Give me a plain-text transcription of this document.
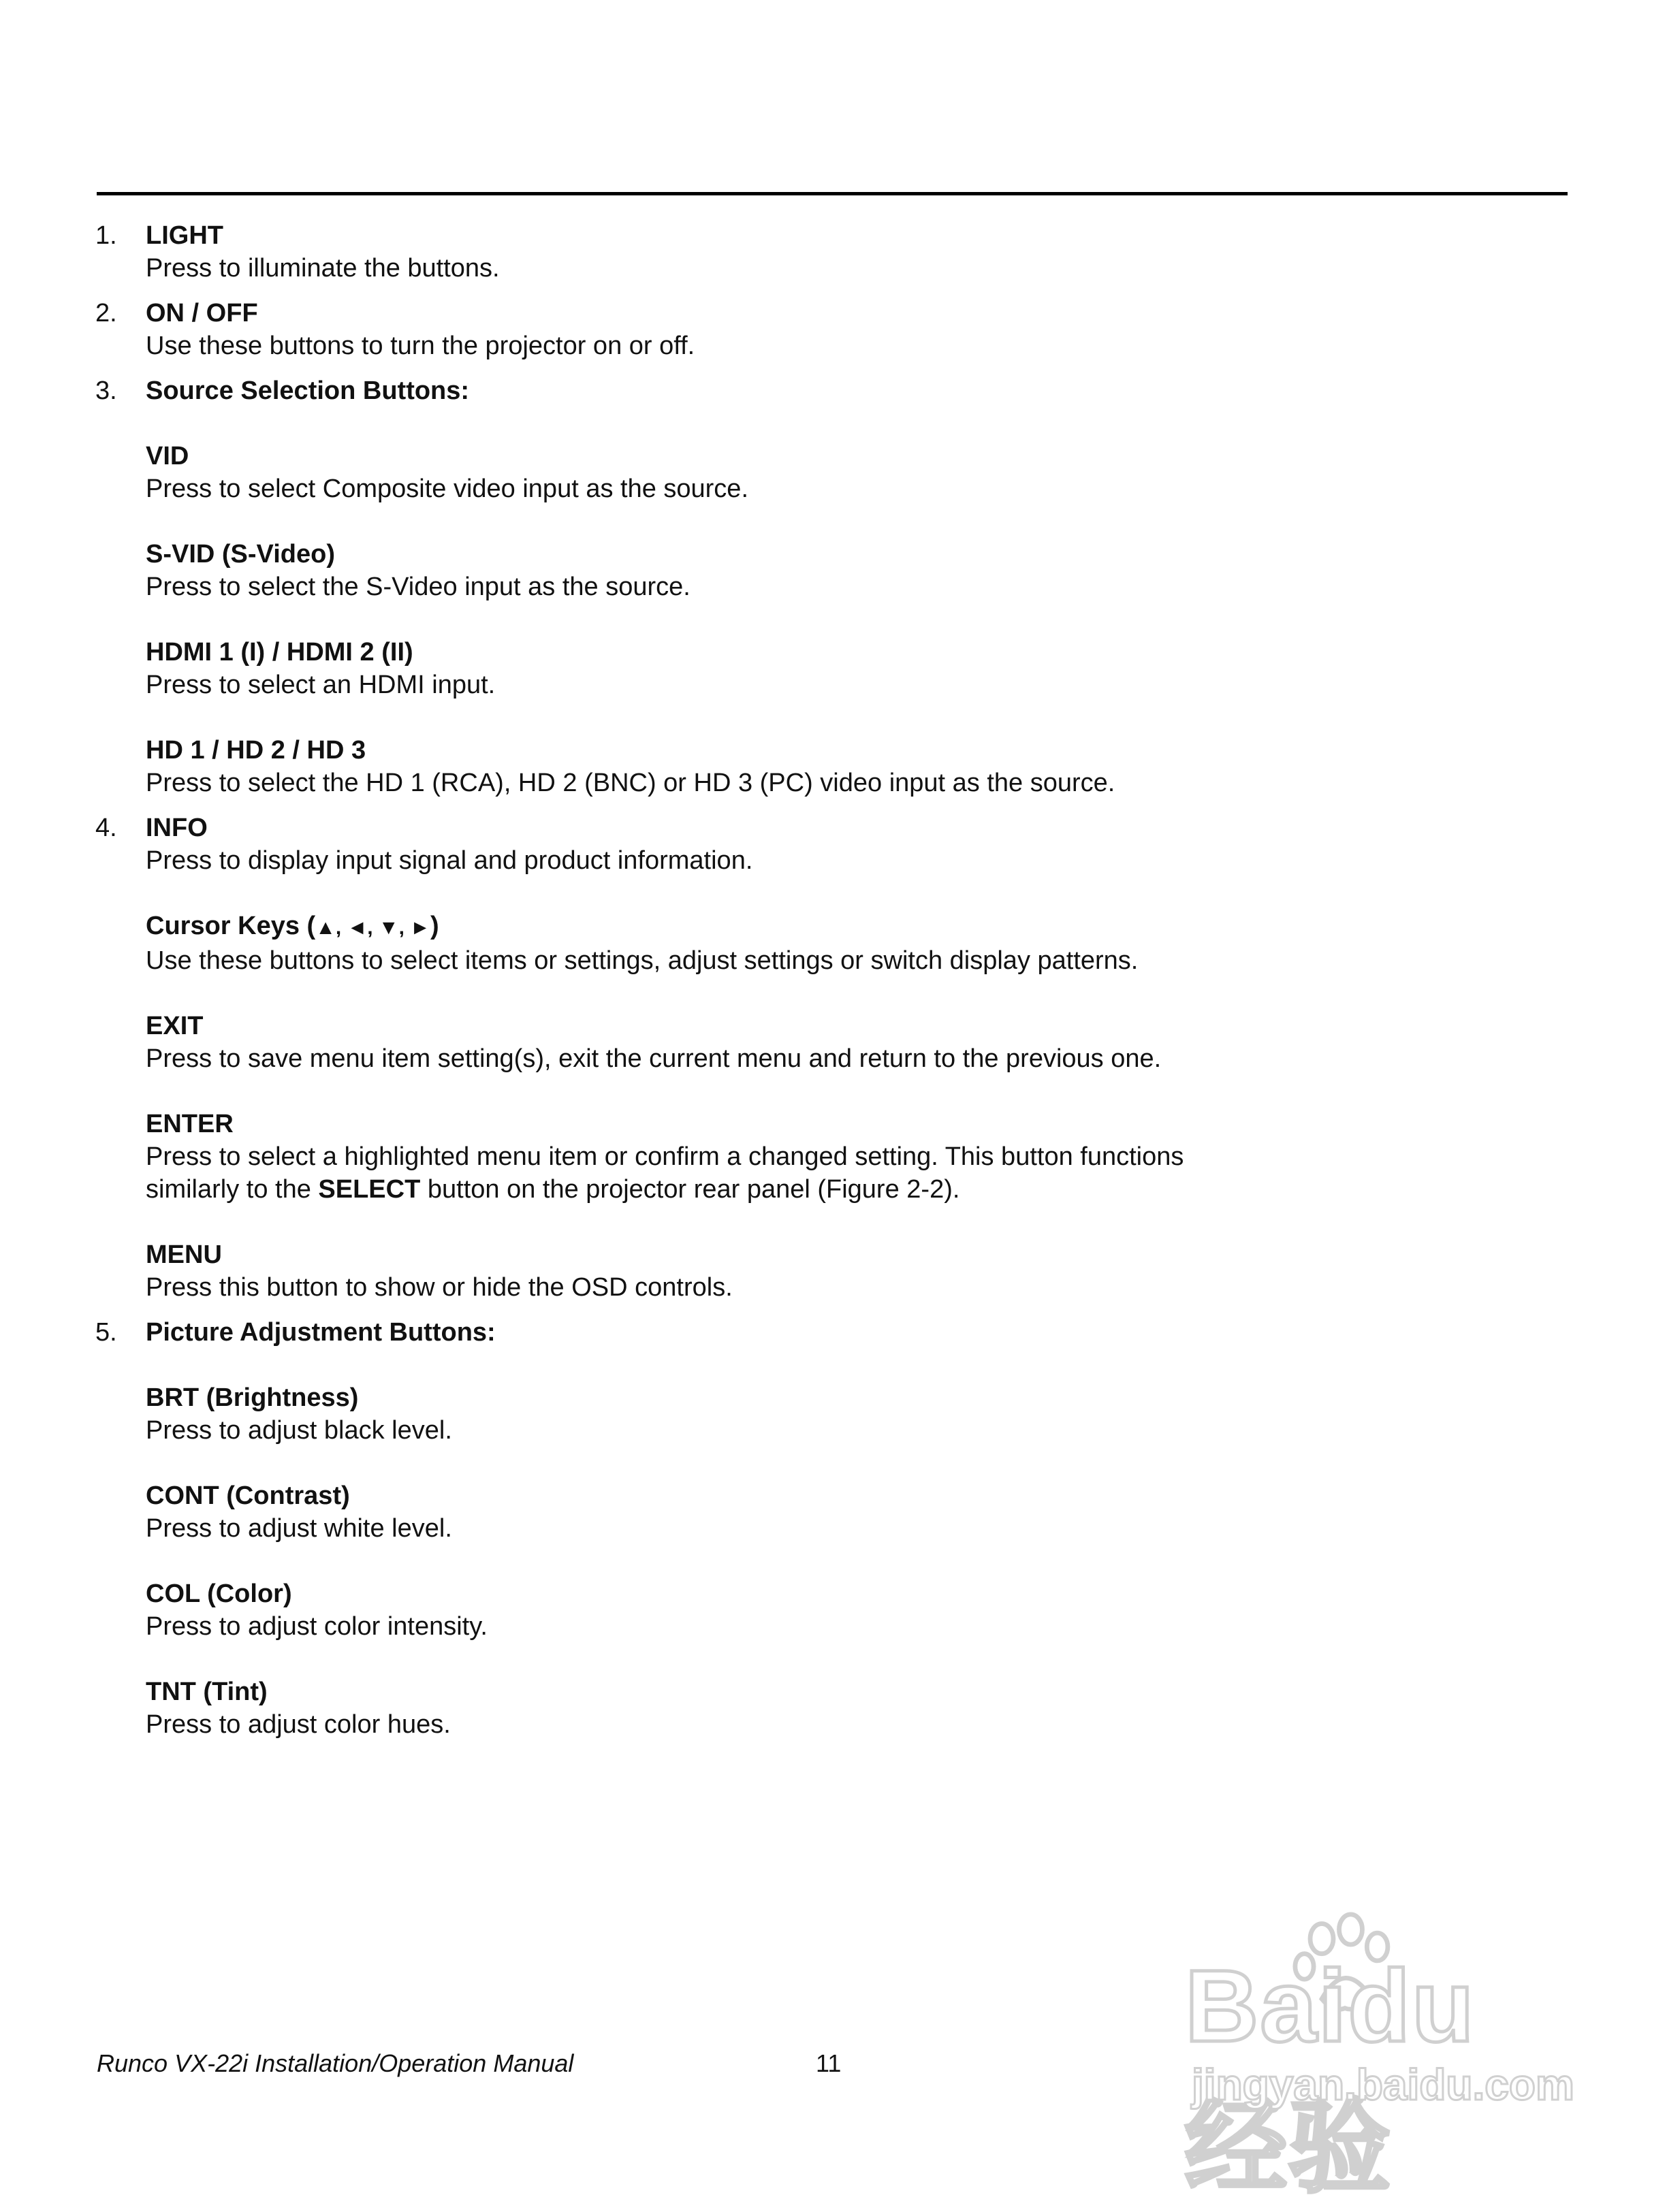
1.	LIGHT
Press to illuminate the buttons.
2.	ON / OFF
Use these buttons to turn the projector on or off.
3.	Source Selection Buttons:
VID
Press to select Composite video input as the source.
S-VID (S-Video)
Press to select the S-Video input as the source.
HDMI 1 (I) / HDMI 2 (II)
Press to select an HDMI input.
HD 1 / HD 2 / HD 3
Press to select the HD 1 (RCA), HD 2 (BNC) or HD 3 (PC) video input as the source.
4.	INFO
Press to display input signal and product information.
Cursor Keys (▲, ◄, ▼, ►)
Use these buttons to select items or settings, adjust settings or switch display patterns.
EXIT
Press to save menu item setting(s), exit the current menu and return to the previous one.
ENTER
Press to select a highlighted menu item or confirm a changed setting. This button functions similarly to the SELECT button on the projector rear panel (Figure 2-2).
MENU
Press this button to show or hide the OSD controls.
5.	Picture Adjustment Buttons:
BRT (Brightness)
Press to adjust black level.
CONT (Contrast)
Press to adjust white level.
COL (Color)
Press to adjust color intensity.
TNT (Tint)
Press to adjust color hues.
Runco VX-22i Installation/Operation Manual	11
Baidu经验
jingyan.baidu.com
